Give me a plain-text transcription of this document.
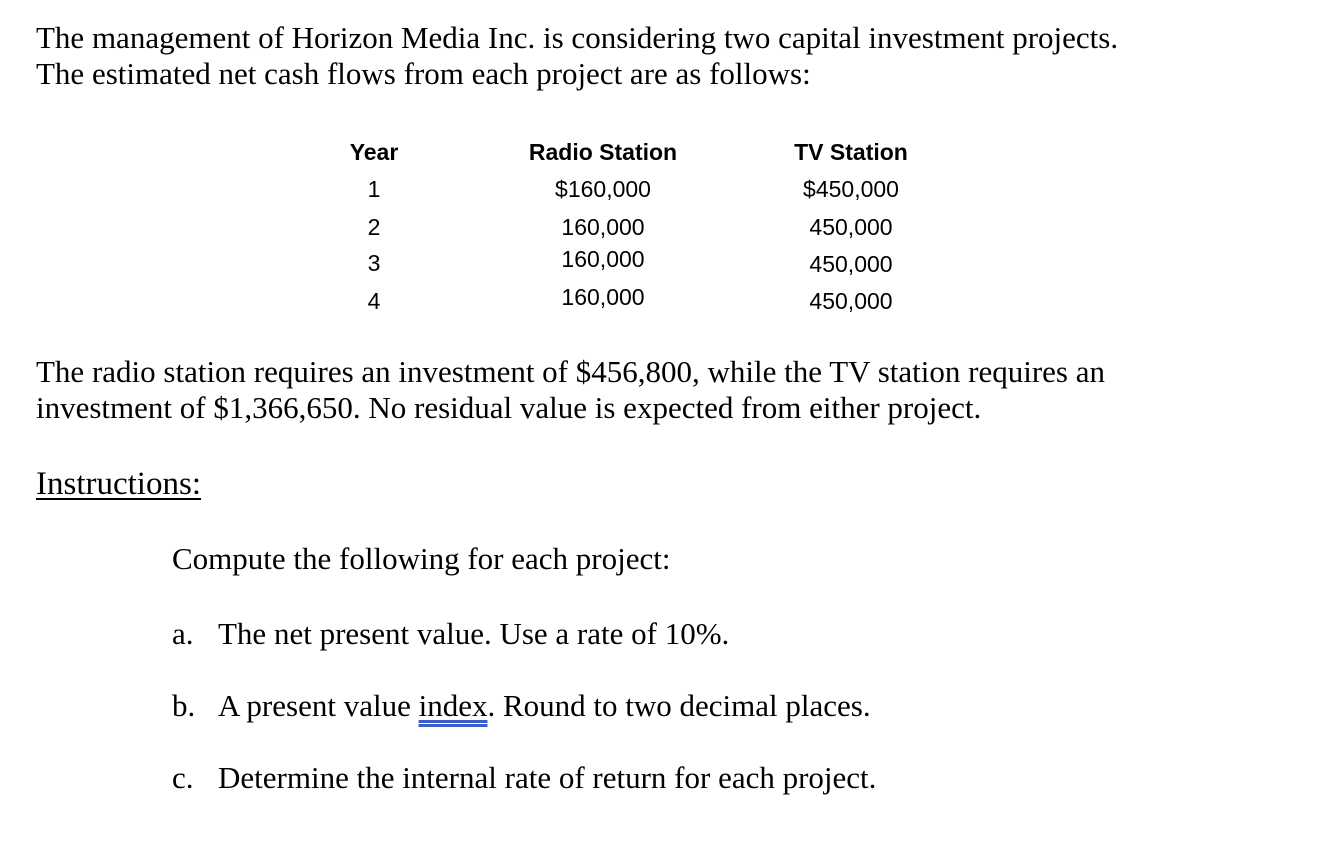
The management of Horizon Media Inc. is considering two capital investment projects.
The estimated net cash flows from each project are as follows:
Year	Radio Station	TV Station
1	$160,000	$450,000
2	160,000	450,000
3	160,000	450,000
4	160,000	450,000
The radio station requires an investment of $456,800, while the TV station requires an
investment of $1,366,650. No residual value is expected from either project.
Instructions:
Compute the following for each project:
a. The net present value. Use a rate of 10%.
b. A present value index. Round to two decimal places.
c. Determine the internal rate of return for each project.
